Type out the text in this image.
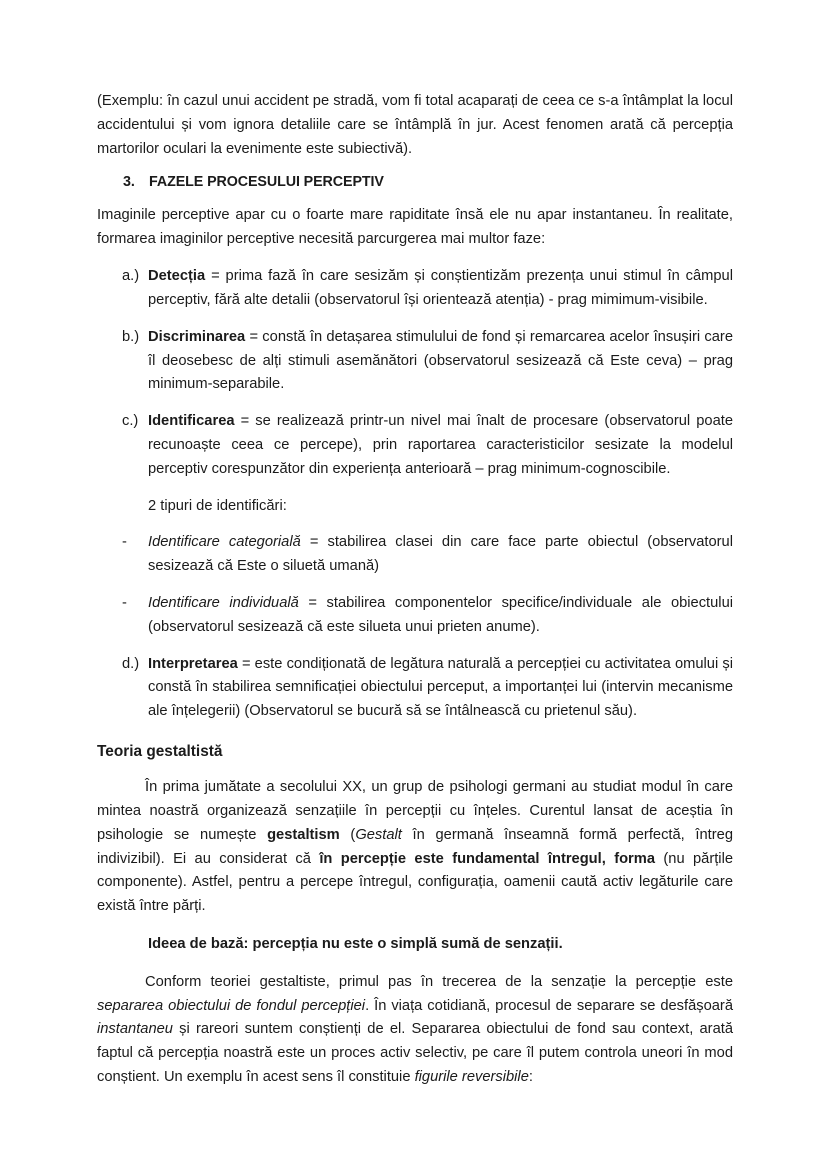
(Exemplu: în cazul unui accident pe stradă, vom fi total acaparați de ceea ce s-a întâmplat la locul accidentului și vom ignora detaliile care se întâmplă în jur. Acest fenomen arată că percepția martorilor oculari la evenimente este subiectivă).

3. FAZELE PROCESULUI PERCEPTIV

Imaginile perceptive apar cu o foarte mare rapiditate însă ele nu apar instantaneu. În realitate, formarea imaginilor perceptive necesită parcurgerea mai multor faze:

a.) Detecția = prima fază în care sesizăm și conștientizăm prezența unui stimul în câmpul perceptiv, fără alte detalii (observatorul își orientează atenția) - prag mimimum-visibile.
b.) Discriminarea = constă în detașarea stimulului de fond și remarcarea acelor însușiri care îl deosebesc de alți stimuli asemănători (observatorul sesizează că Este ceva) – prag minimum-separabile.
c.) Identificarea = se realizează printr-un nivel mai înalt de procesare (observatorul poate recunoaște ceea ce percepe), prin raportarea caracteristicilor sesizate la modelul perceptiv corespunzător din experiența anterioară – prag minimum-cognoscibile.
2 tipuri de identificări:
-	Identificare categorială = stabilirea clasei din care face parte obiectul (observatorul sesizează că Este o siluetă umană)
-	Identificare individuală = stabilirea componentelor specifice/individuale ale obiectului (observatorul sesizează că este silueta unui prieten anume).
d.) Interpretarea = este condiționată de legătura naturală a percepției cu activitatea omului și constă în stabilirea semnificației obiectului perceput, a importanței lui (intervin mecanisme ale înțelegerii) (Observatorul se bucură să se întâlnească cu prietenul său).
Teoria gestaltistă

În prima jumătate a secolului XX, un grup de psihologi germani au studiat modul în care mintea noastră organizează senzațiile în percepții cu înțeles. Curentul lansat de aceștia în psihologie se numește gestaltism (Gestalt în germană înseamnă formă perfectă, întreg indivizibil). Ei au considerat că în percepție este fundamental întregul, forma (nu părțile componente). Astfel, pentru a percepe întregul, configurația, oamenii caută activ legăturile care există între părți.

Ideea de bază: percepția nu este o simplă sumă de senzații.

Conform teoriei gestaltiste, primul pas în trecerea de la senzație la percepție este separarea obiectului de fondul percepției. În viața cotidiană, procesul de separare se desfășoară instantaneu și rareori suntem conștienți de el. Separarea obiectului de fond sau context, arată faptul că percepția noastră este un proces activ selectiv, pe care îl putem controla uneori în mod conștient. Un exemplu în acest sens îl constituie figurile reversibile:
